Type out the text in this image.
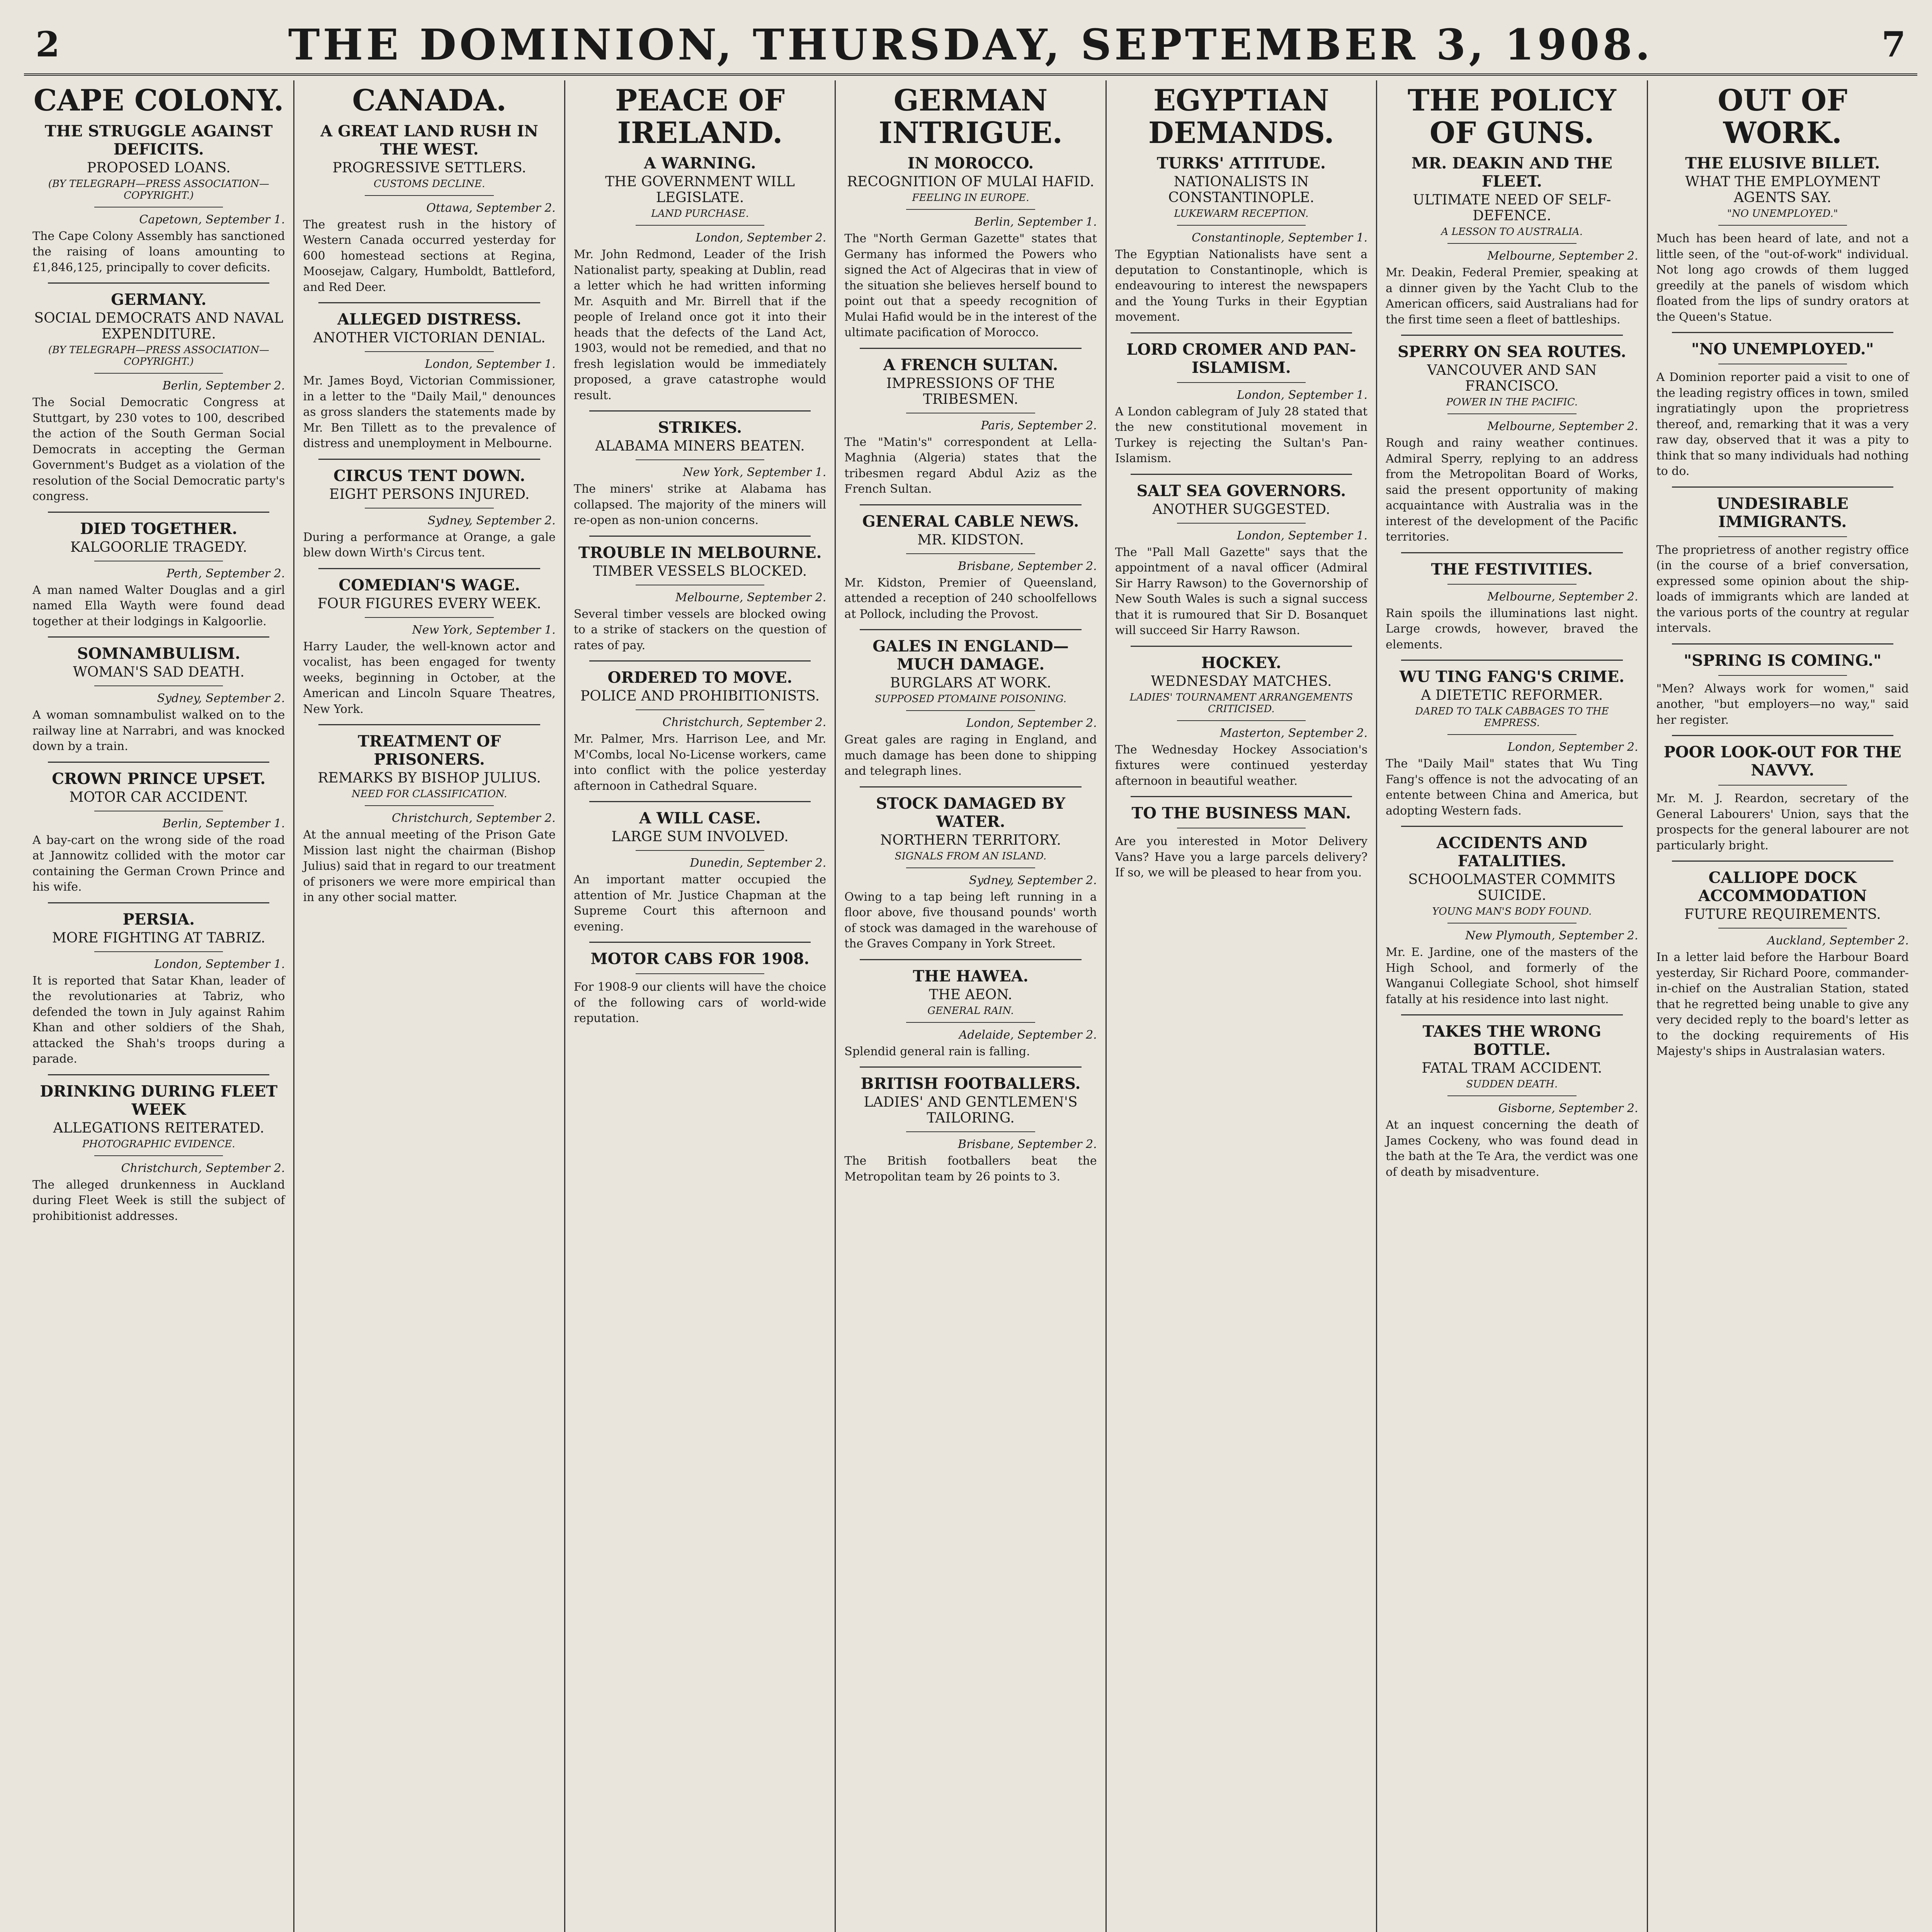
2	THE DOMINION, THURSDAY, SEPTEMBER 3, 1908.	7
CAPE COLONY.
THE STRUGGLE AGAINST DEFICITS.
PROPOSED LOANS.
(BY TELEGRAPH—PRESS ASSOCIATION—COPYRIGHT.)
Capetown, September 1.
The Cape Colony Assembly has sanctioned the raising of loans amounting to £1,846,125, principally to cover deficits.
GERMANY.
SOCIAL DEMOCRATS AND NAVAL EXPENDITURE.
(BY TELEGRAPH—PRESS ASSOCIATION—COPYRIGHT.)
Berlin, September 2.
The Social Democratic Congress at Stuttgart, by 230 votes to 100, described the action of the South German Social Democrats in accepting the German Government's Budget as a violation of the resolution of the Social Democratic party's congress.
DIED TOGETHER.
KALGOORLIE TRAGEDY.
Perth, September 2.
A man named Walter Douglas and a girl named Ella Wayth were found dead together at their lodgings in Kalgoorlie.
SOMNAMBULISM.
WOMAN'S SAD DEATH.
Sydney, September 2.
A woman somnambulist walked on to the railway line at Narrabri, and was knocked down by a train.
CROWN PRINCE UPSET.
MOTOR CAR ACCIDENT.
Berlin, September 1.
A bay-cart on the wrong side of the road at Jannowitz collided with the motor car containing the German Crown Prince and his wife.
PERSIA.
MORE FIGHTING AT TABRIZ.
London, September 1.
It is reported that Satar Khan, leader of the revolutionaries at Tabriz, who defended the town in July against Rahim Khan and other soldiers of the Shah, attacked the Shah's troops during a parade.
DRINKING DURING FLEET WEEK
ALLEGATIONS REITERATED.
PHOTOGRAPHIC EVIDENCE.
Christchurch, September 2.
The alleged drunkenness in Auckland during Fleet Week is still the subject of prohibitionist addresses.
CANADA.
A GREAT LAND RUSH IN THE WEST.
PROGRESSIVE SETTLERS.
CUSTOMS DECLINE.
Ottawa, September 2.
The greatest rush in the history of Western Canada occurred yesterday for 600 homestead sections at Regina, Moosejaw, Calgary, Humboldt, Battleford, and Red Deer.
ALLEGED DISTRESS.
ANOTHER VICTORIAN DENIAL.
London, September 1.
Mr. James Boyd, Victorian Commissioner, in a letter to the "Daily Mail," denounces as gross slanders the statements made by Mr. Ben Tillett as to the prevalence of distress and unemployment in Melbourne.
CIRCUS TENT DOWN.
EIGHT PERSONS INJURED.
Sydney, September 2.
During a performance at Orange, a gale blew down Wirth's Circus tent.
COMEDIAN'S WAGE.
FOUR FIGURES EVERY WEEK.
New York, September 1.
Harry Lauder, the well-known actor and vocalist, has been engaged for twenty weeks, beginning in October, at the American and Lincoln Square Theatres, New York.
TREATMENT OF PRISONERS.
REMARKS BY BISHOP JULIUS.
NEED FOR CLASSIFICATION.
Christchurch, September 2.
At the annual meeting of the Prison Gate Mission last night the chairman (Bishop Julius) said that in regard to our treatment of prisoners we were more empirical than in any other social matter.
PEACE OF IRELAND.
A WARNING.
THE GOVERNMENT WILL LEGISLATE.
LAND PURCHASE.
London, September 2.
Mr. John Redmond, Leader of the Irish Nationalist party, speaking at Dublin, read a letter which he had written informing Mr. Asquith and Mr. Birrell that if the people of Ireland once got it into their heads that the defects of the Land Act, 1903, would not be remedied, and that no fresh legislation would be immediately proposed, a grave catastrophe would result.
STRIKES.
ALABAMA MINERS BEATEN.
New York, September 1.
The miners' strike at Alabama has collapsed. The majority of the miners will re-open as non-union concerns.
TROUBLE IN MELBOURNE.
TIMBER VESSELS BLOCKED.
Melbourne, September 2.
Several timber vessels are blocked owing to a strike of stackers on the question of rates of pay.
ORDERED TO MOVE.
POLICE AND PROHIBITIONISTS.
Christchurch, September 2.
Mr. Palmer, Mrs. Harrison Lee, and Mr. M'Combs, local No-License workers, came into conflict with the police yesterday afternoon in Cathedral Square.
A WILL CASE.
LARGE SUM INVOLVED.
Dunedin, September 2.
An important matter occupied the attention of Mr. Justice Chapman at the Supreme Court this afternoon and evening.
MOTOR CABS FOR 1908.
For 1908-9 our clients will have the choice of the following cars of world-wide reputation.
GERMAN INTRIGUE.
IN MOROCCO.
RECOGNITION OF MULAI HAFID.
FEELING IN EUROPE.
Berlin, September 1.
The "North German Gazette" states that Germany has informed the Powers who signed the Act of Algeciras that in view of the situation she believes herself bound to point out that a speedy recognition of Mulai Hafid would be in the interest of the ultimate pacification of Morocco.
A FRENCH SULTAN.
IMPRESSIONS OF THE TRIBESMEN.
Paris, September 2.
The "Matin's" correspondent at Lella-Maghnia (Algeria) states that the tribesmen regard Abdul Aziz as the French Sultan.
GENERAL CABLE NEWS.
MR. KIDSTON.
Brisbane, September 2.
Mr. Kidston, Premier of Queensland, attended a reception of 240 schoolfellows at Pollock, including the Provost.
GALES IN ENGLAND—MUCH DAMAGE.
BURGLARS AT WORK.
SUPPOSED PTOMAINE POISONING.
London, September 2.
Great gales are raging in England, and much damage has been done to shipping and telegraph lines.
STOCK DAMAGED BY WATER.
NORTHERN TERRITORY.
SIGNALS FROM AN ISLAND.
Sydney, September 2.
Owing to a tap being left running in a floor above, five thousand pounds' worth of stock was damaged in the warehouse of the Graves Company in York Street.
THE HAWEA.
THE AEON.
GENERAL RAIN.
Adelaide, September 2.
Splendid general rain is falling.
BRITISH FOOTBALLERS.
LADIES' AND GENTLEMEN'S TAILORING.
Brisbane, September 2.
The British footballers beat the Metropolitan team by 26 points to 3.
EGYPTIAN DEMANDS.
TURKS' ATTITUDE.
NATIONALISTS IN CONSTANTINOPLE.
LUKEWARM RECEPTION.
Constantinople, September 1.
The Egyptian Nationalists have sent a deputation to Constantinople, which is endeavouring to interest the newspapers and the Young Turks in their Egyptian movement.
LORD CROMER AND PAN-ISLAMISM.
London, September 1.
A London cablegram of July 28 stated that the new constitutional movement in Turkey is rejecting the Sultan's Pan-Islamism.
SALT SEA GOVERNORS.
ANOTHER SUGGESTED.
London, September 1.
The "Pall Mall Gazette" says that the appointment of a naval officer (Admiral Sir Harry Rawson) to the Governorship of New South Wales is such a signal success that it is rumoured that Sir D. Bosanquet will succeed Sir Harry Rawson.
HOCKEY.
WEDNESDAY MATCHES.
LADIES' TOURNAMENT ARRANGEMENTS CRITICISED.
Masterton, September 2.
The Wednesday Hockey Association's fixtures were continued yesterday afternoon in beautiful weather.
TO THE BUSINESS MAN.
Are you interested in Motor Delivery Vans? Have you a large parcels delivery? If so, we will be pleased to hear from you.
THE POLICY OF GUNS.
MR. DEAKIN AND THE FLEET.
ULTIMATE NEED OF SELF-DEFENCE.
A LESSON TO AUSTRALIA.
Melbourne, September 2.
Mr. Deakin, Federal Premier, speaking at a dinner given by the Yacht Club to the American officers, said Australians had for the first time seen a fleet of battleships.
SPERRY ON SEA ROUTES.
VANCOUVER AND SAN FRANCISCO.
POWER IN THE PACIFIC.
Melbourne, September 2.
Rough and rainy weather continues. Admiral Sperry, replying to an address from the Metropolitan Board of Works, said the present opportunity of making acquaintance with Australia was in the interest of the development of the Pacific territories.
THE FESTIVITIES.
Melbourne, September 2.
Rain spoils the illuminations last night. Large crowds, however, braved the elements.
WU TING FANG'S CRIME.
A DIETETIC REFORMER.
DARED TO TALK CABBAGES TO THE EMPRESS.
London, September 2.
The "Daily Mail" states that Wu Ting Fang's offence is not the advocating of an entente between China and America, but adopting Western fads.
ACCIDENTS AND FATALITIES.
SCHOOLMASTER COMMITS SUICIDE.
YOUNG MAN'S BODY FOUND.
New Plymouth, September 2.
Mr. E. Jardine, one of the masters of the High School, and formerly of the Wanganui Collegiate School, shot himself fatally at his residence into last night.
TAKES THE WRONG BOTTLE.
FATAL TRAM ACCIDENT.
SUDDEN DEATH.
Gisborne, September 2.
At an inquest concerning the death of James Cockeny, who was found dead in the bath at the Te Ara, the verdict was one of death by misadventure.
OUT OF WORK.
THE ELUSIVE BILLET.
WHAT THE EMPLOYMENT AGENTS SAY.
"NO UNEMPLOYED."
Much has been heard of late, and not a little seen, of the "out-of-work" individual. Not long ago crowds of them lugged greedily at the panels of wisdom which floated from the lips of sundry orators at the Queen's Statue.
"NO UNEMPLOYED."
A Dominion reporter paid a visit to one of the leading registry offices in town, smiled ingratiatingly upon the proprietress thereof, and, remarking that it was a very raw day, observed that it was a pity to think that so many individuals had nothing to do.
UNDESIRABLE IMMIGRANTS.
The proprietress of another registry office (in the course of a brief conversation, expressed some opinion about the ship-loads of immigrants which are landed at the various ports of the country at regular intervals.
"SPRING IS COMING."
"Men? Always work for women," said another, "but employers—no way," said her register.
POOR LOOK-OUT FOR THE NAVVY.
Mr. M. J. Reardon, secretary of the General Labourers' Union, says that the prospects for the general labourer are not particularly bright.
CALLIOPE DOCK ACCOMMODATION
FUTURE REQUIREMENTS.
Auckland, September 2.
In a letter laid before the Harbour Board yesterday, Sir Richard Poore, commander-in-chief on the Australian Station, stated that he regretted being unable to give any very decided reply to the board's letter as to the docking requirements of His Majesty's ships in Australasian waters.
